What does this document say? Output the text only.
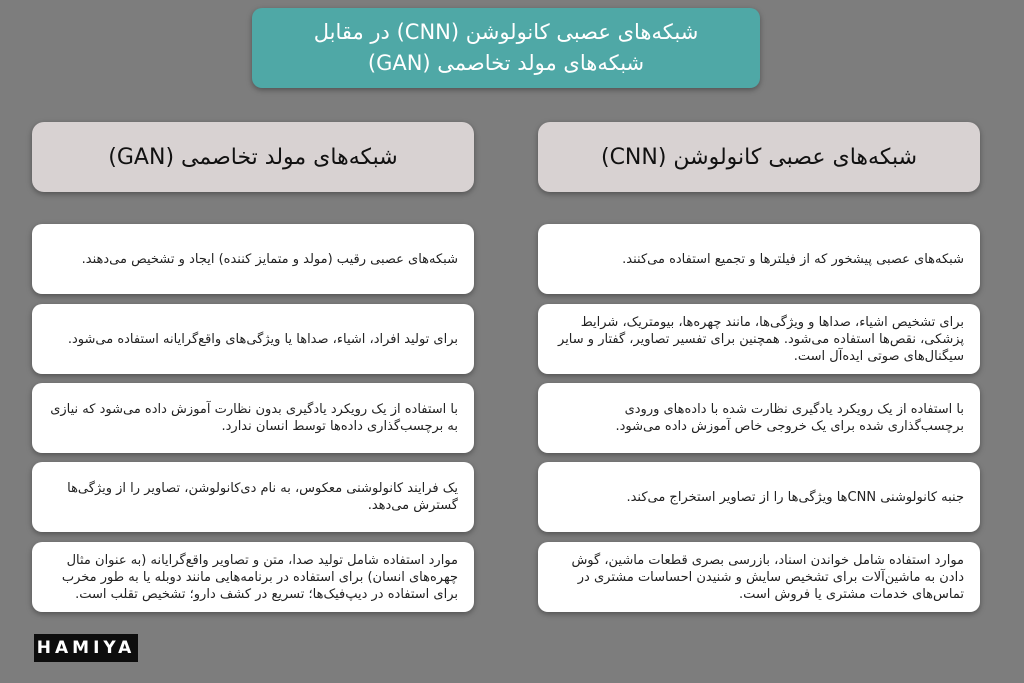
شبکه‌های عصبی کانولوشن (CNN) در مقابل
شبکه‌های مولد تخاصمی (GAN)
شبکه‌های مولد تخاصمی (GAN)	شبکه‌های عصبی کانولوشن (CNN)
شبکه‌های عصبی رقیب (مولد و متمایز کننده) ایجاد و تشخیص می‌دهند.
برای تولید افراد، اشیاء، صداها یا ویژگی‌های واقع‌گرایانه استفاده می‌شود.
با استفاده از یک رویکرد یادگیری بدون نظارت آموزش داده می‌شود که نیازی به برچسب‌گذاری داده‌ها توسط انسان ندارد.
یک فرایند کانولوشنی معکوس، به نام دی‌کانولوشن، تصاویر را از ویژگی‌ها گسترش می‌دهد.
موارد استفاده شامل تولید صدا، متن و تصاویر واقع‌گرایانه (به عنوان مثال چهره‌های انسان) برای استفاده در برنامه‌هایی مانند دوبله یا به طور مخرب برای استفاده در دیپ‌فیک‌ها؛ تسریع در کشف دارو؛ تشخیص تقلب است.
شبکه‌های عصبی پیشخور که از فیلترها و تجمیع استفاده می‌کنند.
برای تشخیص اشیاء، صداها و ویژگی‌ها، مانند چهره‌ها، بیومتریک، شرایط پزشکی، نقص‌ها استفاده می‌شود. همچنین برای تفسیر تصاویر، گفتار و سایر سیگنال‌های صوتی ایده‌آل است.
با استفاده از یک رویکرد یادگیری نظارت شده با داده‌های ورودی برچسب‌گذاری شده برای یک خروجی خاص آموزش داده می‌شود.
جنبه کانولوشنی CNNها ویژگی‌ها را از تصاویر استخراج می‌کند.
موارد استفاده شامل خواندن اسناد، بازرسی بصری قطعات ماشین، گوش دادن به ماشین‌آلات برای تشخیص سایش و شنیدن احساسات مشتری در تماس‌های خدمات مشتری یا فروش است.
HAMIYA
